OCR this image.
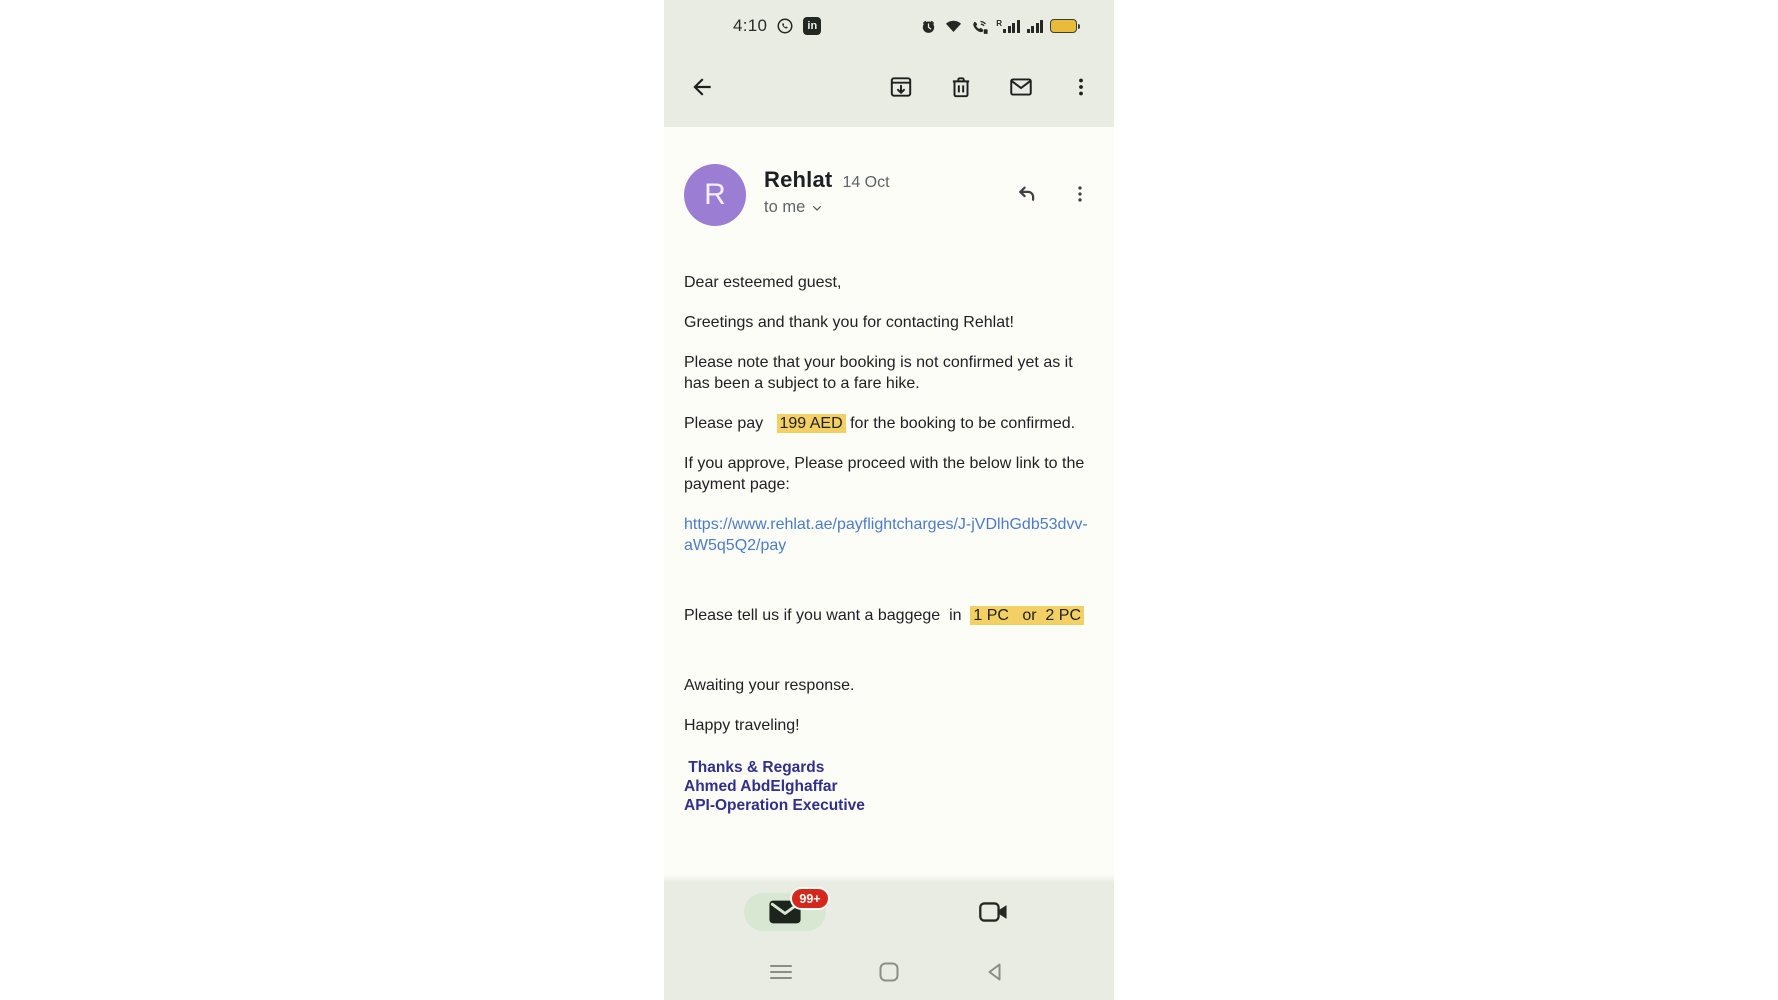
4:10	in	R
R	Rehlat 14 Oct
to me
Dear esteemed guest,
Greetings and thank you for contacting Rehlat!
Please note that your booking is not confirmed yet as it has been a subject to a fare hike.
Please pay   199 AED for the booking to be confirmed.
If you approve, Please proceed with the below link to the payment page:
https://www.rehlat.ae/payflightcharges/J-jVDlhGdb53dvv-aW5q5Q2/pay
Please tell us if you want a baggege  in  1 PC   or  2 PC
Awaiting your response.
Happy traveling!
Thanks & Regards
Ahmed AbdElghaffar
API-Operation Executive
99+
